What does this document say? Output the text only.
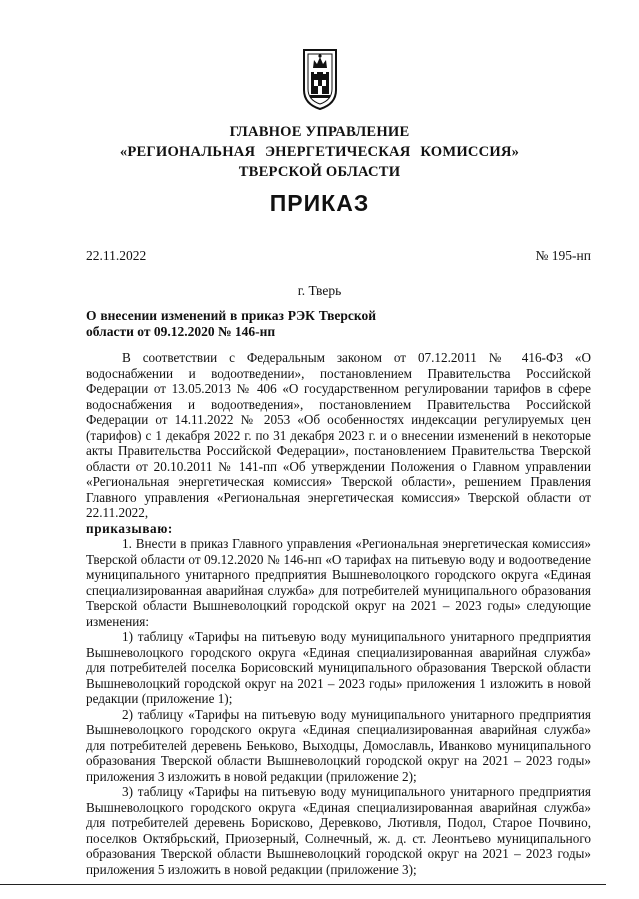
ГЛАВНОЕ УПРАВЛЕНИЕ
«РЕГИОНАЛЬНАЯ ЭНЕРГЕТИЧЕСКАЯ КОМИССИЯ»
ТВЕРСКОЙ ОБЛАСТИ
ПРИКАЗ
22.11.2022	№ 195-нп
г. Тверь
О внесении изменений в приказ РЭК Тверской области от 09.12.2020 № 146-нп

В соответствии с Федеральным законом от 07.12.2011 № 416-ФЗ «О водоснабжении и водоотведении», постановлением Правительства Российской Федерации от 13.05.2013 № 406 «О государственном регулировании тарифов в сфере водоснабжения и водоотведения», постановлением Правительства Российской Федерации от 14.11.2022 № 2053 «Об особенностях индексации регулируемых цен (тарифов) с 1 декабря 2022 г. по 31 декабря 2023 г. и о внесении изменений в некоторые акты Правительства Российской Федерации», постановлением Правительства Тверской области от 20.10.2011 № 141-пп «Об утверждении Положения о Главном управлении «Региональная энергетическая комиссия» Тверской области», решением Правления Главного управления «Региональная энергетическая комиссия» Тверской области от 22.11.2022,

приказываю:

1. Внести в приказ Главного управления «Региональная энергетическая комиссия» Тверской области от 09.12.2020 № 146-нп «О тарифах на питьевую воду и водоотведение муниципального унитарного предприятия Вышневолоцкого городского округа «Единая специализированная аварийная служба» для потребителей муниципального образования Тверской области Вышневолоцкий городской округ на 2021 – 2023 годы» следующие изменения:

1) таблицу «Тарифы на питьевую воду муниципального унитарного предприятия Вышневолоцкого городского округа «Единая специализированная аварийная служба» для потребителей поселка Борисовский муниципального образования Тверской области Вышневолоцкий городской округ на 2021 – 2023 годы» приложения 1 изложить в новой редакции (приложение 1);

2) таблицу «Тарифы на питьевую воду муниципального унитарного предприятия Вышневолоцкого городского округа «Единая специализированная аварийная служба» для потребителей деревень Бењково, Выходцы, Домославль, Иванково муниципального образования Тверской области Вышневолоцкий городской округ на 2021 – 2023 годы» приложения 3 изложить в новой редакции (приложение 2);

3) таблицу «Тарифы на питьевую воду муниципального унитарного предприятия Вышневолоцкого городского округа «Единая специализированная аварийная служба» для потребителей деревень Борисково, Деревково, Лютивля, Подол, Старое Почвино, поселков Октябрьский, Приозерный, Солнечный, ж. д. ст. Леонтьево муниципального образования Тверской области Вышневолоцкий городской округ на 2021 – 2023 годы» приложения 5 изложить в новой редакции (приложение 3);
